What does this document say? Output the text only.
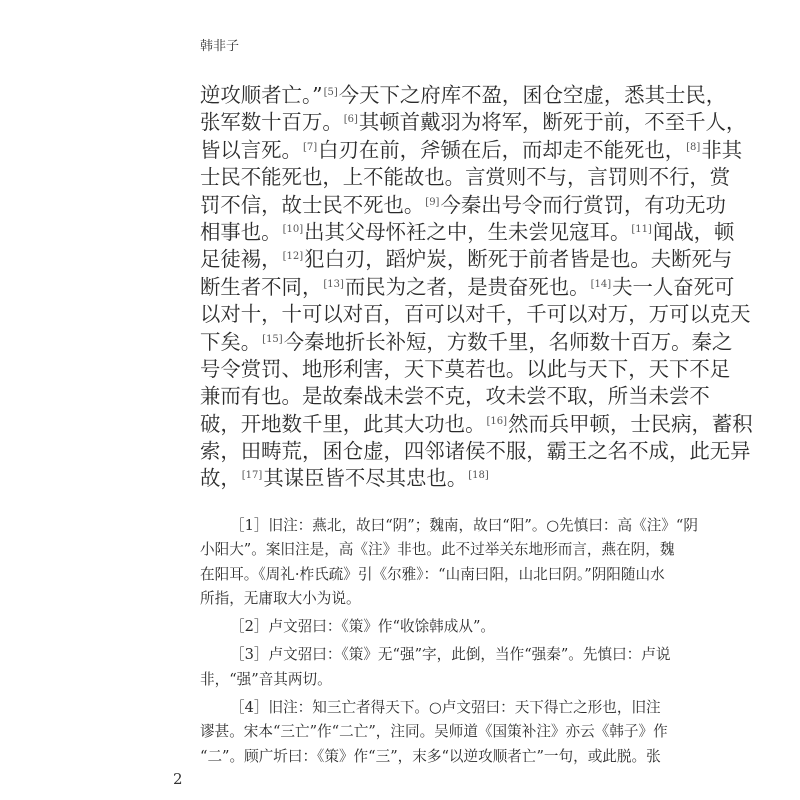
韩非子
逆攻顺者亡。”[5]今天下之府库不盈，囷仓空虚，悉其士民，
张军数十百万。[6]其顿首戴羽为将军，断死于前，不至千人，
皆以言死。[7]白刃在前，斧锧在后，而却走不能死也，[8]非其
士民不能死也，上不能故也。言赏则不与，言罚则不行，赏
罚不信，故士民不死也。[9]今秦出号令而行赏罚，有功无功
相事也。[10]出其父母怀衽之中，生未尝见寇耳。[11]闻战，顿
足徒裼，[12]犯白刃，蹈炉炭，断死于前者皆是也。夫断死与
断生者不同，[13]而民为之者，是贵奋死也。[14]夫一人奋死可
以对十，十可以对百，百可以对千，千可以对万，万可以克天
下矣。[15]今秦地折长补短，方数千里，名师数十百万。秦之
号令赏罚、地形利害，天下莫若也。以此与天下，天下不足
兼而有也。是故秦战未尝不克，攻未尝不取，所当未尝不
破，开地数千里，此其大功也。[16]然而兵甲顿，士民病，蓄积
索，田畴荒，囷仓虚，四邻诸侯不服，霸王之名不成，此无异
故，[17]其谋臣皆不尽其忠也。[18]
［1］旧注：燕北，故曰“阴”；魏南，故曰“阳”。○先慎曰：高《注》“阴
小阳大”。案旧注是，高《注》非也。此不过举关东地形而言，燕在阴，魏
在阳耳。《周礼·柞氏疏》引《尔雅》：“山南曰阳，山北曰阴。”阴阳随山水
所指，无庸取大小为说。
［2］卢文弨曰：《策》作“收馀韩成从”。
［3］卢文弨曰：《策》无“强”字，此倒，当作“强秦”。先慎曰：卢说
非，“强”音其两切。
［4］旧注：知三亡者得天下。○卢文弨曰：天下得亡之形也，旧注
谬甚。宋本“三亡”作“二亡”，注同。吴师道《国策补注》亦云《韩子》作
“二”。顾广圻曰：《策》作“三”，末多“以逆攻顺者亡”一句，或此脱。张
2
